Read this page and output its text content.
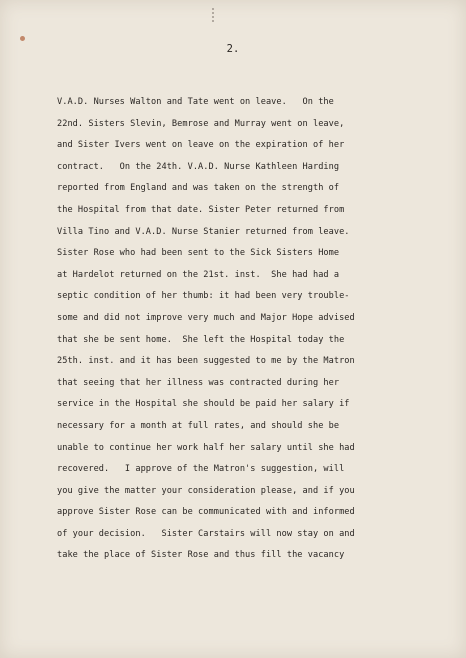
2.
V.A.D. Nurses Walton and Tate went on leave.   On the
22nd. Sisters Slevin, Bemrose and Murray went on leave,
and Sister Ivers went on leave on the expiration of her
contract.   On the 24th. V.A.D. Nurse Kathleen Harding
reported from England and was taken on the strength of
the Hospital from that date. Sister Peter returned from
Villa Tino and V.A.D. Nurse Stanier returned from leave.
Sister Rose who had been sent to the Sick Sisters Home
at Hardelot returned on the 21st. inst.  She had had a
septic condition of her thumb: it had been very trouble-
some and did not improve very much and Major Hope advised
that she be sent home.  She left the Hospital today the
25th. inst. and it has been suggested to me by the Matron
that seeing that her illness was contracted during her
service in the Hospital she should be paid her salary if
necessary for a month at full rates, and should she be
unable to continue her work half her salary until she had
recovered.   I approve of the Matron's suggestion, will
you give the matter your consideration please, and if you
approve Sister Rose can be communicated with and informed
of your decision.   Sister Carstairs will now stay on and
take the place of Sister Rose and thus fill the vacancy
